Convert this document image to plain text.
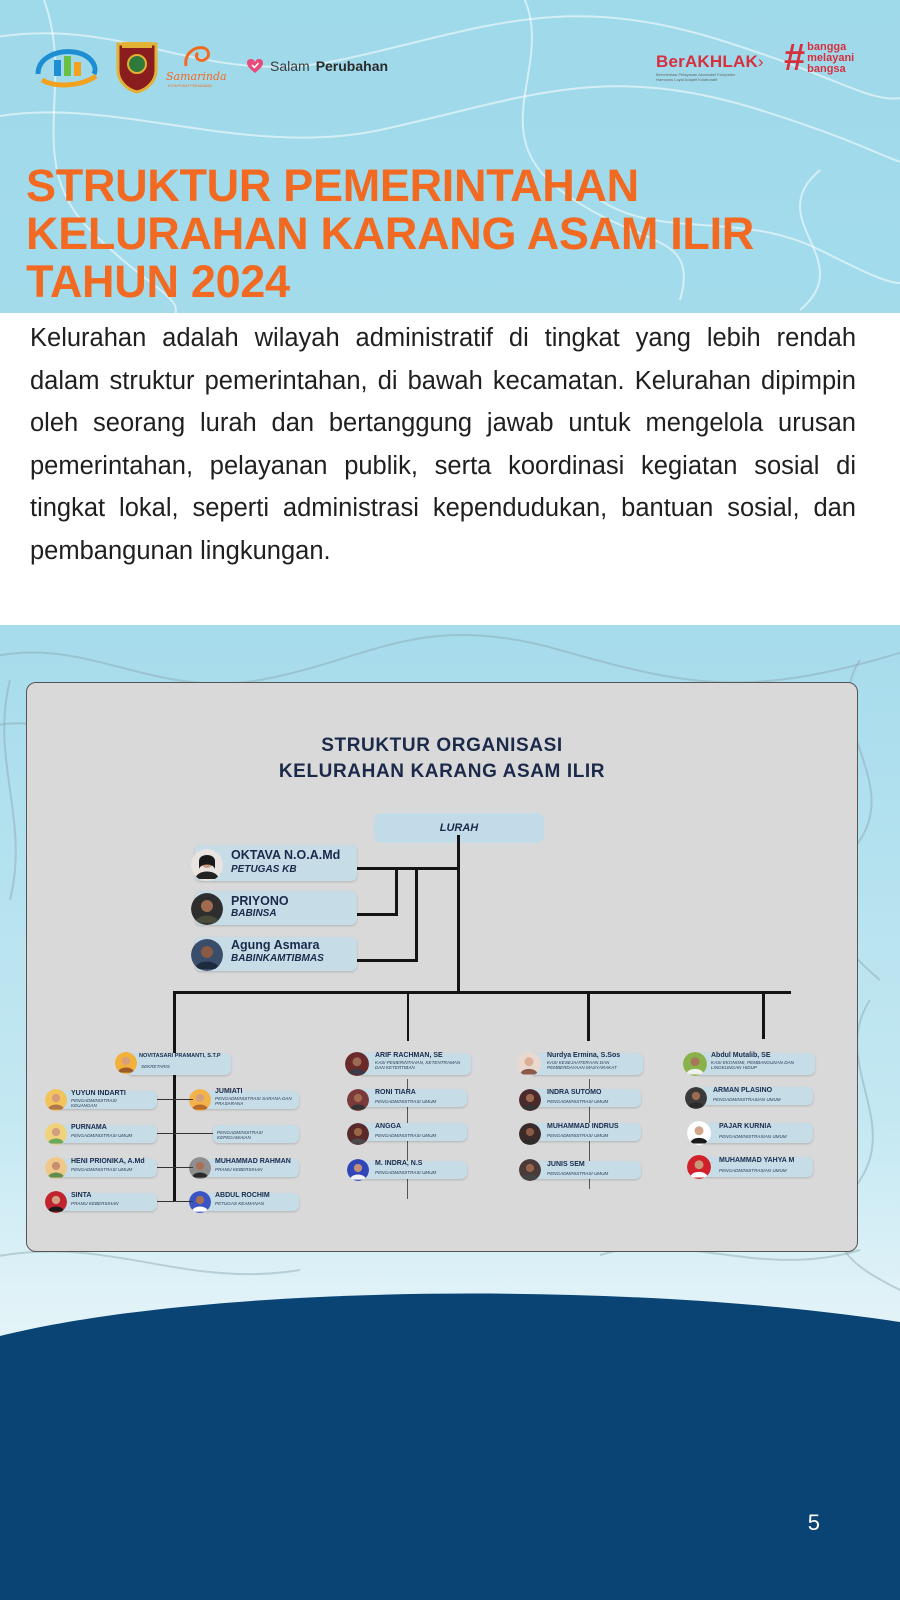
Samarinda
KOTA PUSAT PERADABAN
Salam Perubahan	BerAKHLAK›
Berorientasi Pelayanan Akuntabel Kompeten Harmonis Loyal Adaptif Kolaboratif
# bangga
melayani
bangsa
STRUKTUR PEMERINTAHAN
KELURAHAN KARANG ASAM ILIR
TAHUN 2024

Kelurahan adalah wilayah administratif di tingkat yang lebih rendah dalam struktur pemerintahan, di bawah kecamatan. Kelurahan dipimpin oleh seorang lurah dan bertanggung jawab untuk mengelola urusan pemerintahan, pelayanan publik, serta koordinasi kegiatan sosial di tingkat lokal, seperti administrasi kependudukan, bantuan sosial, dan pembangunan lingkungan.

STRUKTUR ORGANISASI
KELURAHAN KARANG ASAM ILIR
LURAH
OKTAVA N.O.A.Md
PETUGAS KB
PRIYONO
BABINSA
Agung Asmara
BABINKAMTIBMAS
NOVITASARI PRAMANTI, S.T.P
SEKRETARIS
YUYUN INDARTI
PENGADMINISTRASI KEUANGAN
PURNAMA
PENGADMINISTRASI UMUM
HENI PRIONIKA, A.Md
PENGADMINISTRASI UMUM
SINTA
PRAMU KEBERSIHAN
JUMIATI
PENGADMINISTRASI SARANA DAN PRASARANA
PENGADMINISTRASI KEPEGAWAIAN
MUHAMMAD RAHMAN
PRAMU KEBERSIHAN
ABDUL ROCHIM
PETUGAS KEAMANAN
ARIF RACHMAN, SE
KASI PEMERINTAHAN, KETENTRAMAN DAN KETERTIBAN
RONI TIARA
PENGADMINISTRASI UMUM
ANGGA
PENGADMINISTRASI UMUM
M. INDRA, N.S
PENGADMINISTRASI UMUM
Nurdya Ermina, S.Sos
KASI KESEJAHTERAAN DAN PEMBERDAYAAN MASYARAKAT
INDRA SUTOMO
PENGADMINISTRASI UMUM
MUHAMMAD INDRUS
PENGADMINISTRASI UMUM
JUNIS SEM
PENGADMINISTRASI UMUM
Abdul Mutalib, SE
KASI EKONOMI, PEMBANGUNAN DAN LINGKUNGAN HIDUP
ARMAN PLASINO
PENGADMINISTRASIAN UMUM
PAJAR KURNIA
PENGADMINISTRASIAN UMUM
MUHAMMAD YAHYA M
PENGADMINISTRASIAN UMUM
5
